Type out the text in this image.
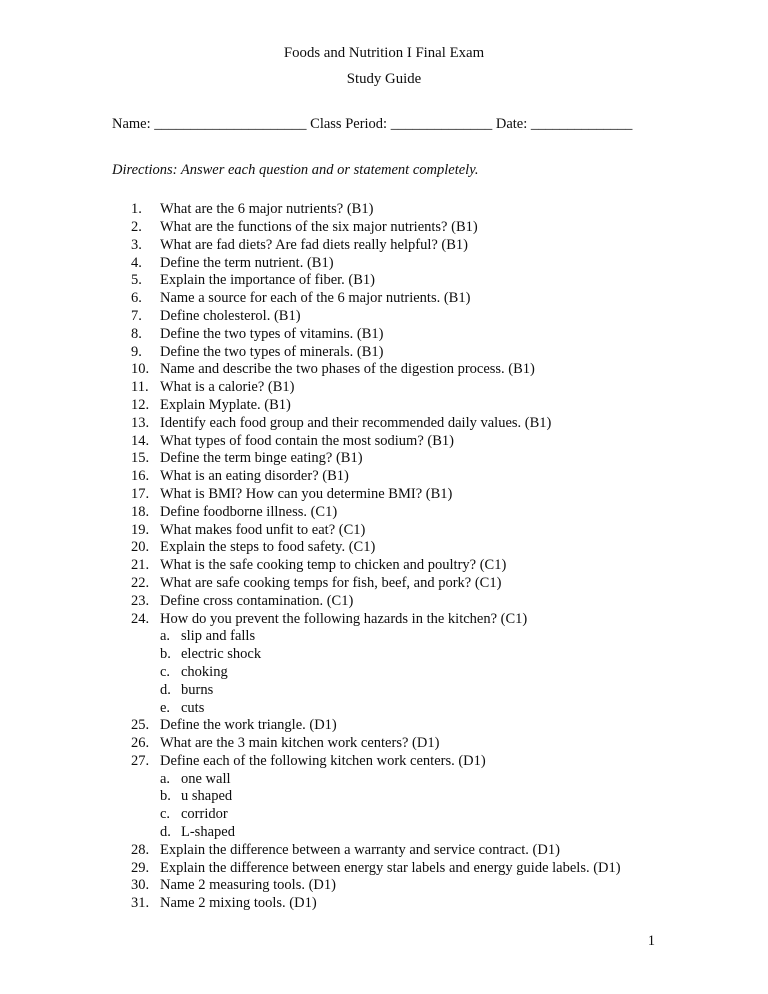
Foods and Nutrition I Final Exam
Study Guide
Name: _____________________ Class Period: ______________ Date: ______________
Directions: Answer each question and or statement completely.
1.	What are the 6 major nutrients? (B1)
2.	What are the functions of the six major nutrients? (B1)
3.	What are fad diets? Are fad diets really helpful? (B1)
4.	Define the term nutrient. (B1)
5.	Explain the importance of fiber. (B1)
6.	Name a source for each of the 6 major nutrients. (B1)
7.	Define cholesterol. (B1)
8.	Define the two types of vitamins. (B1)
9.	Define the two types of minerals. (B1)
10. Name and describe the two phases of the digestion process. (B1)
11. What is a calorie? (B1)
12. Explain Myplate. (B1)
13. Identify each food group and their recommended daily values. (B1)
14. What types of food contain the most sodium? (B1)
15. Define the term binge eating? (B1)
16. What is an eating disorder? (B1)
17. What is BMI? How can you determine BMI? (B1)
18. Define foodborne illness. (C1)
19. What makes food unfit to eat? (C1)
20. Explain the steps to food safety. (C1)
21. What is the safe cooking temp to chicken and poultry? (C1)
22. What are safe cooking temps for fish, beef, and pork? (C1)
23. Define cross contamination. (C1)
24. How do you prevent the following hazards in the kitchen? (C1)
a. slip and falls
b. electric shock
c. choking
d. burns
e. cuts
25. Define the work triangle. (D1)
26. What are the 3 main kitchen work centers? (D1)
27. Define each of the following kitchen work centers. (D1)
a. one wall
b. u shaped
c. corridor
d. L-shaped
28. Explain the difference between a warranty and service contract. (D1)
29. Explain the difference between energy star labels and energy guide labels. (D1)
30. Name 2 measuring tools. (D1)
31. Name 2 mixing tools. (D1)
1
